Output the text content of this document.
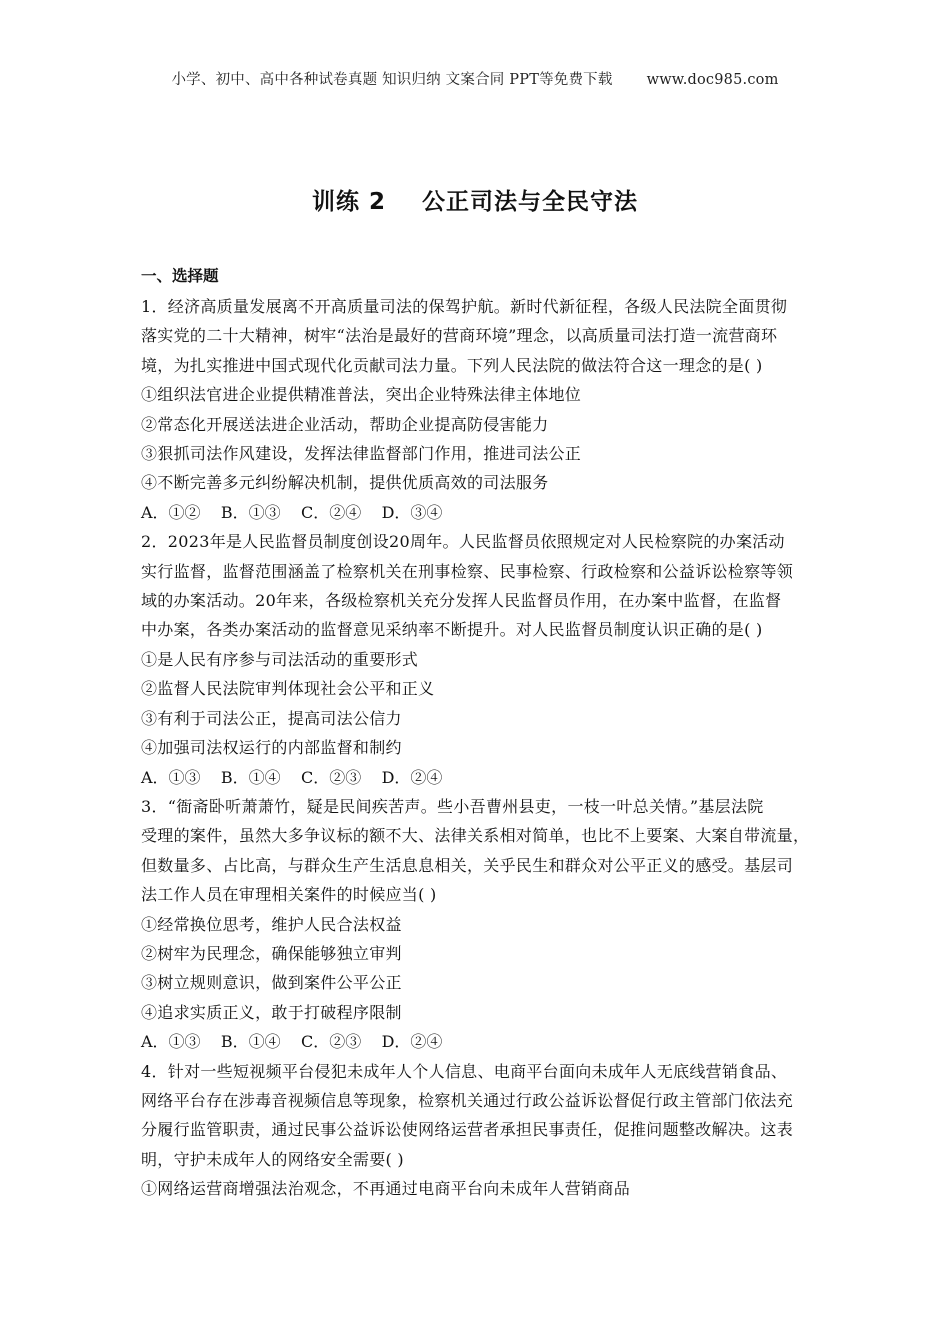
小学、初中、高中各种试卷真题 知识归纳 文案合同 PPT等免费下载 www.doc985.com
训练 2    公正司法与全民守法
一、选择题
1．经济高质量发展离不开高质量司法的保驾护航。新时代新征程，各级人民法院全面贯彻
落实党的二十大精神，树牢“法治是最好的营商环境”理念，以高质量司法打造一流营商环
境，为扎实推进中国式现代化贡献司法力量。下列人民法院的做法符合这一理念的是( )
①组织法官进企业提供精准普法，突出企业特殊法律主体地位
②常态化开展送法进企业活动，帮助企业提高防侵害能力
③狠抓司法作风建设，发挥法律监督部门作用，推进司法公正
④不断完善多元纠纷解决机制，提供优质高效的司法服务
A．①②    B．①③    C．②④    D．③④
2．2023年是人民监督员制度创设20周年。人民监督员依照规定对人民检察院的办案活动
实行监督，监督范围涵盖了检察机关在刑事检察、民事检察、行政检察和公益诉讼检察等领
域的办案活动。20年来，各级检察机关充分发挥人民监督员作用，在办案中监督，在监督
中办案，各类办案活动的监督意见采纳率不断提升。对人民监督员制度认识正确的是( )
①是人民有序参与司法活动的重要形式
②监督人民法院审判体现社会公平和正义
③有利于司法公正，提高司法公信力
④加强司法权运行的内部监督和制约
A．①③    B．①④    C．②③    D．②④
3．“衙斋卧听萧萧竹，疑是民间疾苦声。些小吾曹州县吏，一枝一叶总关情。”基层法院
受理的案件，虽然大多争议标的额不大、法律关系相对简单，也比不上要案、大案自带流量，
但数量多、占比高，与群众生产生活息息相关，关乎民生和群众对公平正义的感受。基层司
法工作人员在审理相关案件的时候应当( )
①经常换位思考，维护人民合法权益
②树牢为民理念，确保能够独立审判
③树立规则意识，做到案件公平公正
④追求实质正义，敢于打破程序限制
A．①③    B．①④    C．②③    D．②④
4．针对一些短视频平台侵犯未成年人个人信息、电商平台面向未成年人无底线营销食品、
网络平台存在涉毒音视频信息等现象，检察机关通过行政公益诉讼督促行政主管部门依法充
分履行监管职责，通过民事公益诉讼使网络运营者承担民事责任，促推问题整改解决。这表
明，守护未成年人的网络安全需要( )
①网络运营商增强法治观念，不再通过电商平台向未成年人营销商品
